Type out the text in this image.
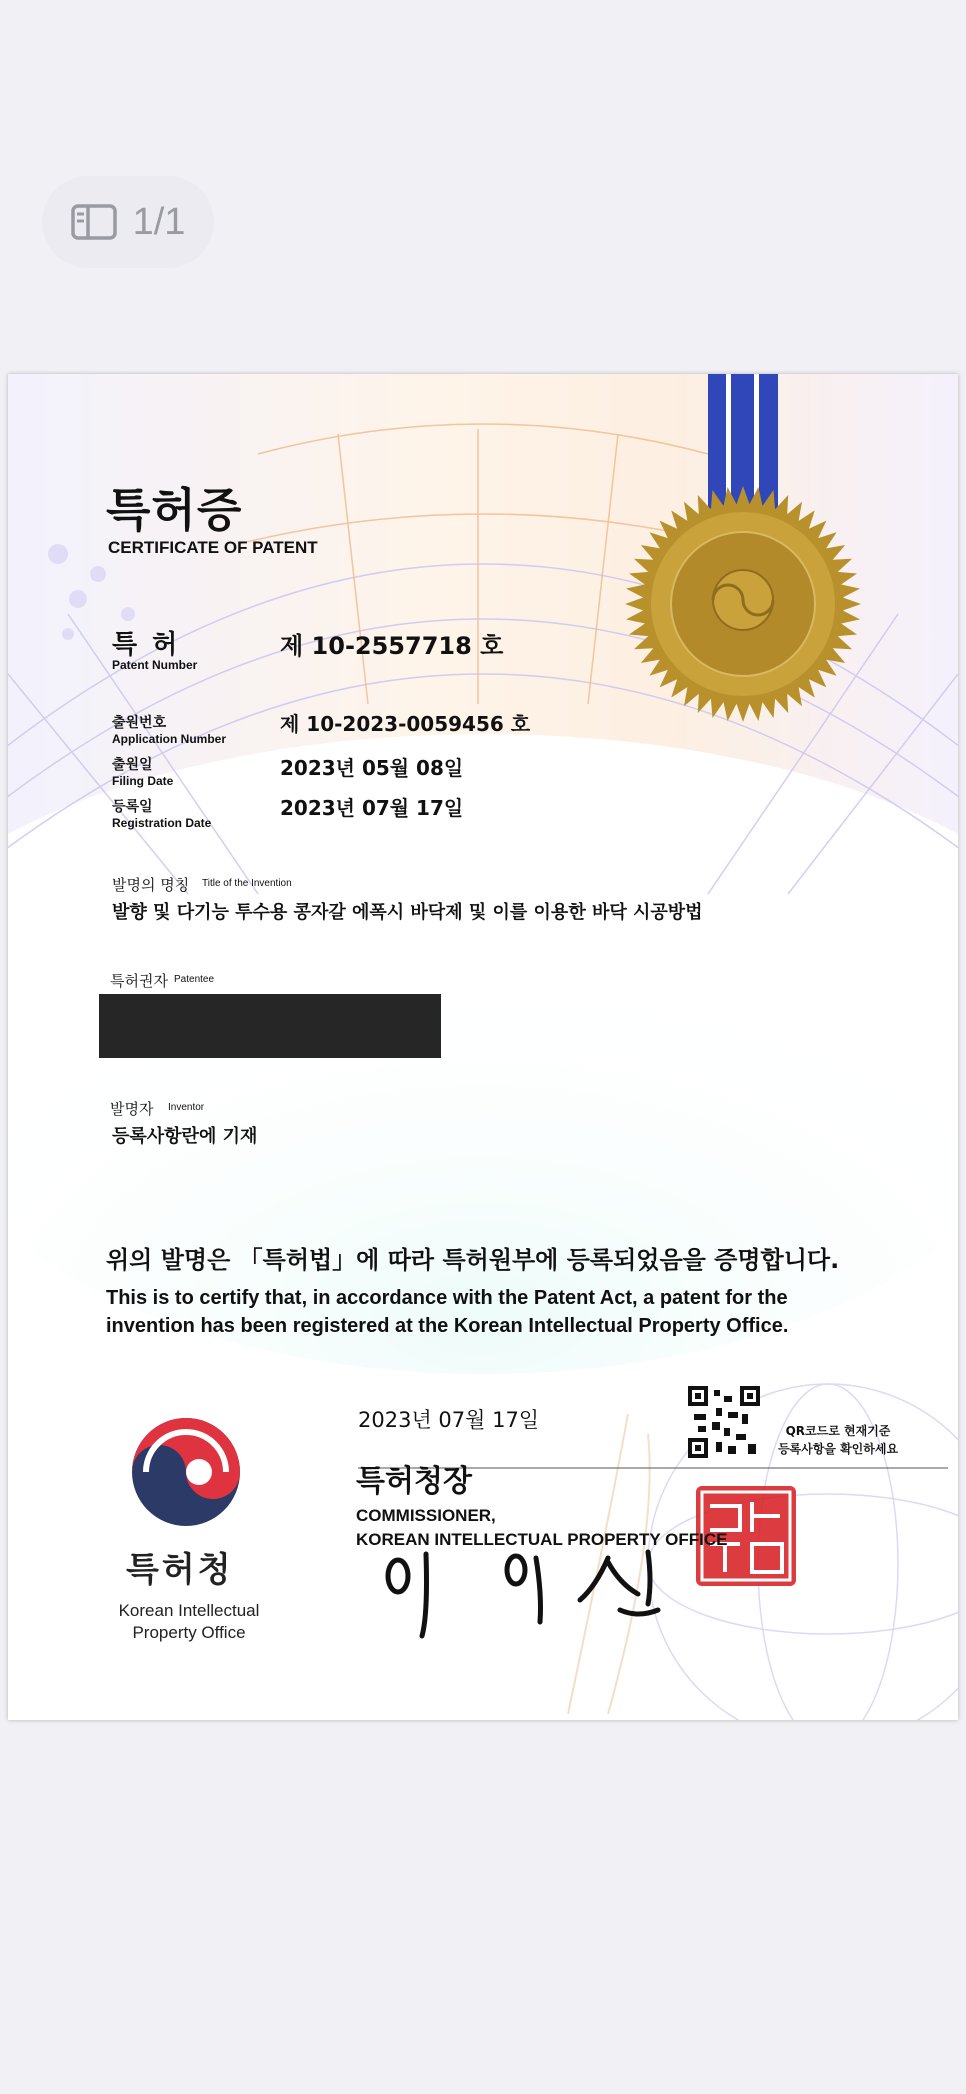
1/1
특허증
CERTIFICATE OF PATENT
특 허
Patent Number
제 10-2557718 호
출원번호
Application Number
제 10-2023-0059456 호
출원일
Filing Date
2023년 05월 08일
등록일
Registration Date
2023년 07월 17일
발명의 명칭 Title of the Invention
발향 및 다기능 투수용 콩자갈 에폭시 바닥제 및 이를 이용한 바닥 시공방법
특허권자 Patentee
발명자 Inventor
등록사항란에 기재
위의 발명은 「특허법」에 따라 특허원부에 등록되었음을 증명합니다.
This is to certify that, in accordance with the Patent Act, a patent for the invention has been registered at the Korean Intellectual Property Office.
2023년 07월 17일	QR코드로 현재기준
등록사항을 확인하세요
특허청장
COMMISSIONER,
KOREAN INTELLECTUAL PROPERTY OFFICE
특허청
Korean Intellectual Property Office
